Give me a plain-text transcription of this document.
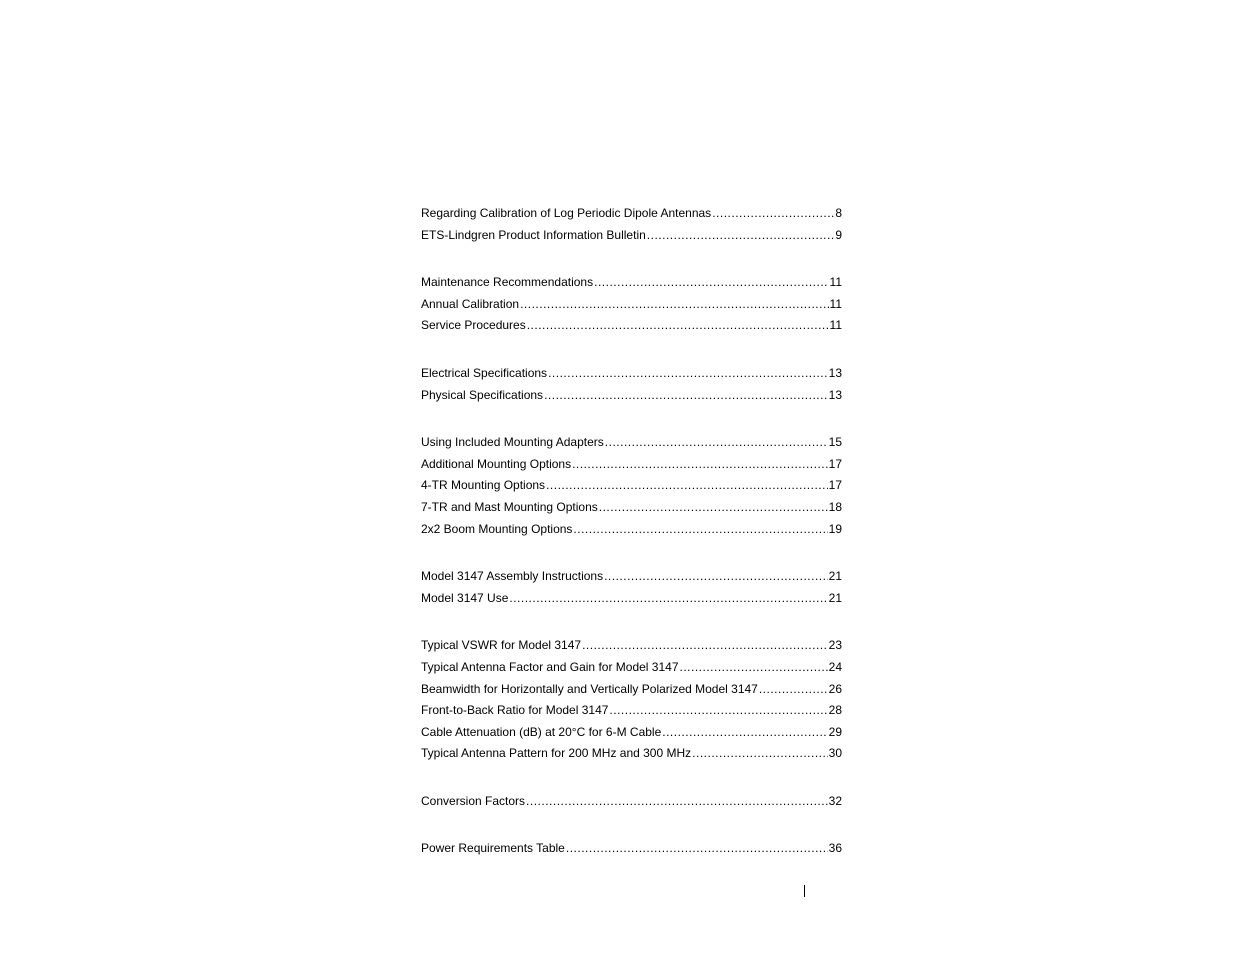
Regarding Calibration of Log Periodic Dipole Antennas .....	8
ETS-Lindgren Product Information Bulletin .....	9
Maintenance Recommendations .....	11
Annual Calibration .....	11
Service Procedures .....	11
Electrical Specifications .....	13
Physical Specifications .....	13
Using Included Mounting Adapters .....	15
Additional Mounting Options .....	17
4-TR Mounting Options .....	17
7-TR and Mast Mounting Options .....	18
2x2 Boom Mounting Options .....	19
Model 3147 Assembly Instructions .....	21
Model 3147 Use .....	21
Typical VSWR for Model 3147 .....	23
Typical Antenna Factor and Gain for Model 3147 .....	24
Beamwidth for Horizontally and Vertically Polarized Model 3147 .....	26
Front-to-Back Ratio for Model 3147 .....	28
Cable Attenuation (dB) at 20°C for 6-M Cable .....	29
Typical Antenna Pattern for 200 MHz and 300 MHz .....	30
Conversion Factors .....	32
Power Requirements Table .....	36
